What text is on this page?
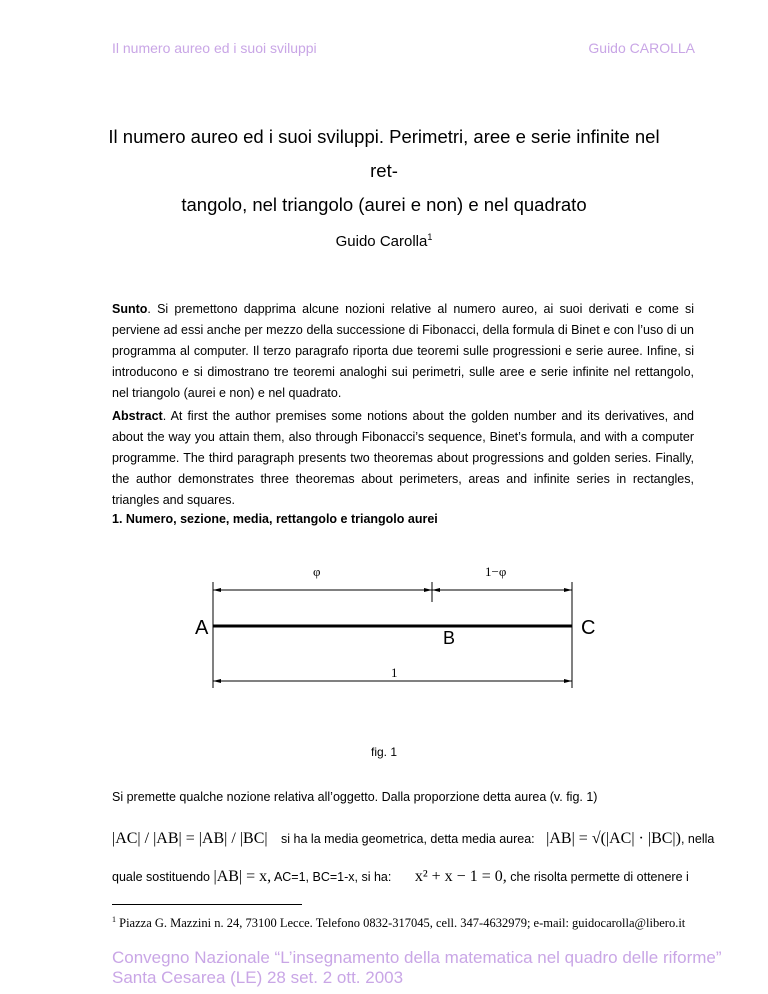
Il numero aureo ed i suoi sviluppi	Guido CAROLLA
Il numero aureo ed i suoi sviluppi. Perimetri, aree e serie infinite nel ret-
tangolo, nel triangolo (aurei e non) e nel quadrato
Guido Carolla$^1$
Sunto. Si premettono dapprima alcune nozioni relative al numero aureo, ai suoi derivati e come si perviene ad essi anche per mezzo della successione di Fibonacci, della formula di Binet e con l’uso di un programma al computer. Il terzo paragrafo riporta due teoremi sulle progressioni e serie auree. Infine, si introducono e si dimostrano tre teoremi analoghi sui perimetri, sulle aree e serie infinite nel rettangolo, nel triangolo (aurei e non) e nel quadrato.
Abstract. At first the author premises some notions about the golden number and its derivatives, and about the way you attain them, also through Fibonacci’s sequence, Binet’s formula, and with a computer programme. The third paragraph presents two theoremas about progressions and golden series. Finally, the author demonstrates three theoremas about perimeters, areas and infinite series in rectangles, triangles and squares.
1. Numero, sezione, media, rettangolo e triangolo aurei
φ	1−φ
A	B	C
1
fig. 1
Si premette qualche nozione relativa all’oggetto. Dalla proporzione detta aurea (v. fig. 1)
|AC| / |AB| = |AB| / |BC| si ha la media geometrica, detta media aurea: |AB| = √(|AC| · |BC|), nella
quale sostituendo |AB| = x, AC=1, BC=1-x, si ha: x² + x − 1 = 0, che risolta permette di ottenere i
$^1$ Piazza G. Mazzini n. 24, 73100 Lecce. Telefono 0832-317045, cell. 347-4632979; e-mail: guidocarolla@libero.it
Convegno Nazionale “L’insegnamento della matematica nel quadro delle riforme”
Santa Cesarea (LE) 28 set. 2 ott. 2003
